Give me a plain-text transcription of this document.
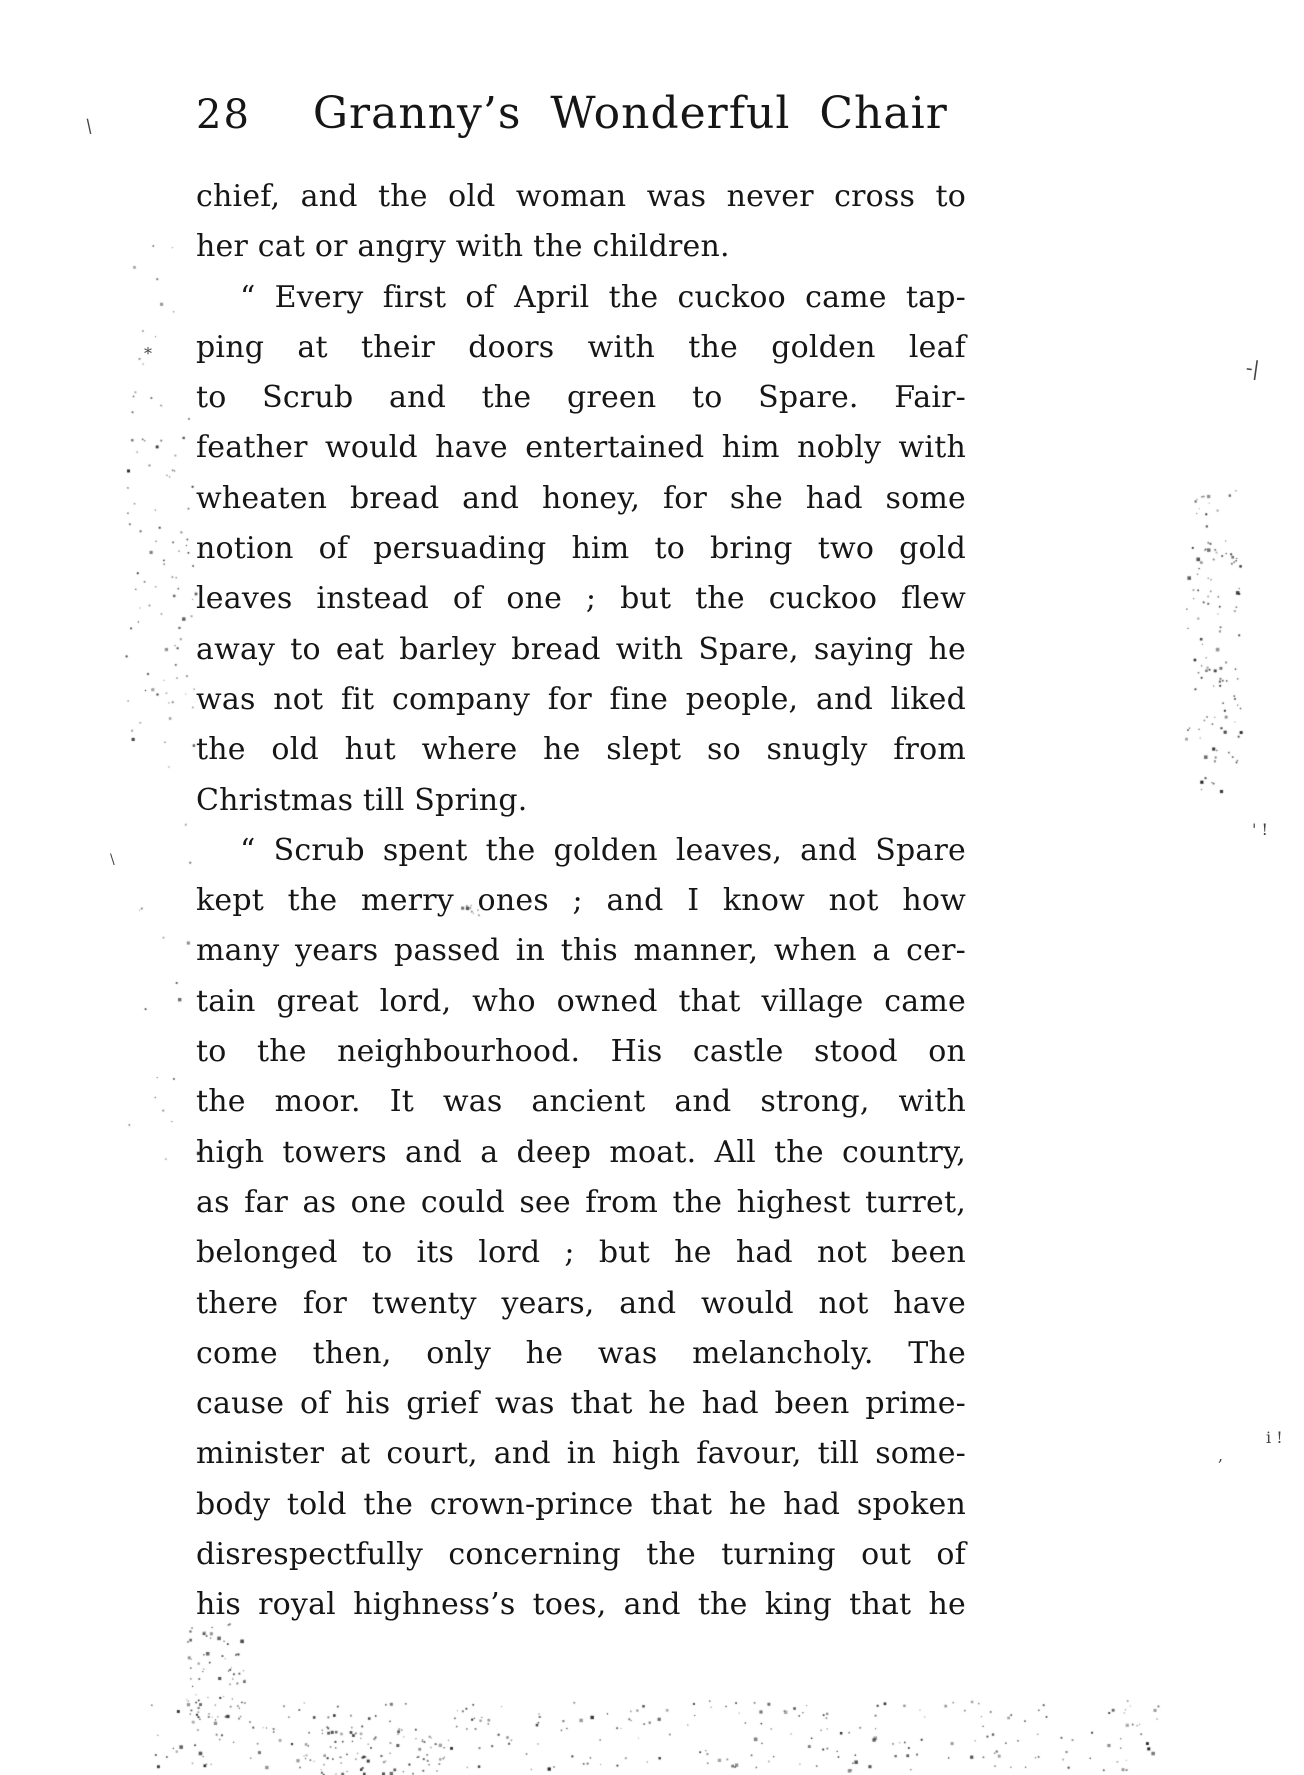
28 Granny’s Wonderful Chair
chief, and the old woman was never cross to
her cat or angry with the children.
“ Every first of April the cuckoo came tap-
ping at their doors with the golden leaf
to Scrub and the green to Spare. Fair-
feather would have entertained him nobly with
wheaten bread and honey, for she had some
notion of persuading him to bring two gold
leaves instead of one ; but the cuckoo flew
away to eat barley bread with Spare, saying he
was not fit company for fine people, and liked
the old hut where he slept so snugly from
Christmas till Spring.
“ Scrub spent the golden leaves, and Spare
kept the merry ones ; and I know not how
many years passed in this manner, when a cer-
tain great lord, who owned that village came
to the neighbourhood. His castle stood on
the moor. It was ancient and strong, with
high towers and a deep moat. All the country,
as far as one could see from the highest turret,
belonged to its lord ; but he had not been
there for twenty years, and would not have
come then, only he was melancholy. The
cause of his grief was that he had been prime-
minister at court, and in high favour, till some-
body told the crown-prince that he had spoken
disrespectfully concerning the turning out of
his royal highness’s toes, and the king that he
\
*
-|
' !
\
i !
,
